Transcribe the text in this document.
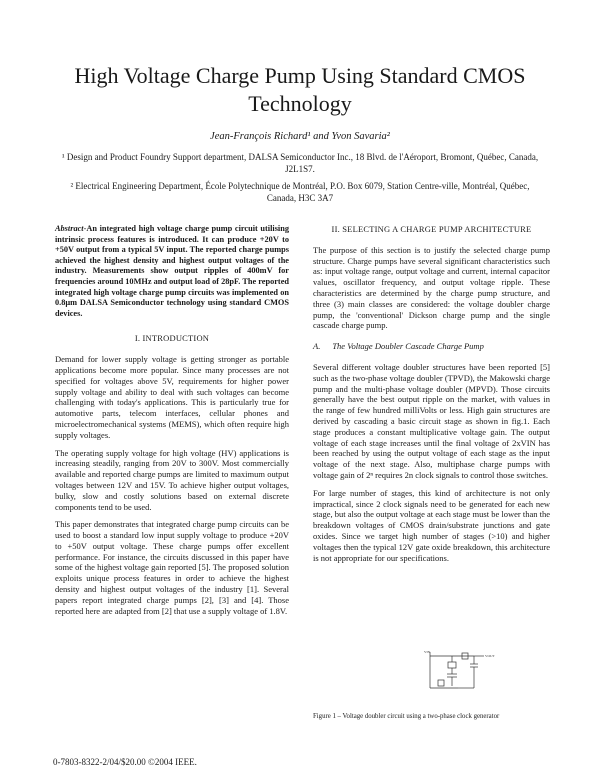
High Voltage Charge Pump Using Standard CMOS Technology
Jean-François Richard¹ and Yvon Savaria²
¹ Design and Product Foundry Support department, DALSA Semiconductor Inc., 18 Blvd. de l'Aéroport, Bromont, Québec, Canada, J2L1S7.
² Electrical Engineering Department, École Polytechnique de Montréal, P.O. Box 6079, Station Centre-ville, Montréal, Québec, Canada, H3C 3A7

Abstract-An integrated high voltage charge pump circuit utilising intrinsic process features is introduced. It can produce +20V to +50V output from a typical 5V input. The reported charge pumps achieved the highest density and highest output voltages of the industry. Measurements show output ripples of 400mV for frequencies around 10MHz and output load of 28pF. The reported integrated high voltage charge pump circuits was implemented on 0.8µm DALSA Semiconductor technology using standard CMOS devices.

I. INTRODUCTION

Demand for lower supply voltage is getting stronger as portable applications become more popular. Since many processes are not specified for voltages above 5V, requirements for higher power supply voltage and ability to deal with such voltages can become challenging with today's applications. This is particularly true for automotive parts, telecom interfaces, cellular phones and microelectromechanical systems (MEMS), which often require high supply voltages.

The operating supply voltage for high voltage (HV) applications is increasing steadily, ranging from 20V to 300V. Most commercially available and reported charge pumps are limited to maximum output voltages between 12V and 15V. To achieve higher output voltages, bulky, slow and costly solutions based on external discrete components tend to be used.

This paper demonstrates that integrated charge pump circuits can be used to boost a standard low input supply voltage to produce +20V to +50V output voltage. These charge pumps offer excellent performance. For instance, the circuits discussed in this paper have some of the highest voltage gain reported [5]. The proposed solution exploits unique process features in order to achieve the highest density and highest output voltages of the industry [1]. Several papers report integrated charge pumps [2], [3] and [4]. Those reported here are adapted from [2] that use a supply voltage of 1.8V.

II. SELECTING A CHARGE PUMP ARCHITECTURE

The purpose of this section is to justify the selected charge pump structure. Charge pumps have several significant characteristics such as: input voltage range, output voltage and current, internal capacitor values, oscillator frequency, and output voltage ripple. These characteristics are determined by the charge pump structure, and three (3) main classes are considered: the voltage doubler charge pump, the 'conventional' Dickson charge pump and the single cascade charge pump.

A. The Voltage Doubler Cascade Charge Pump

Several different voltage doubler structures have been reported [5] such as the two-phase voltage doubler (TPVD), the Makowski charge pump and the multi-phase voltage doubler (MPVD). Those circuits generally have the best output ripple on the market, with values in the range of few hundred milliVolts or less. High gain structures are derived by cascading a basic circuit stage as shown in fig.1. Each stage produces a constant multiplicative voltage gain. The output voltage of each stage increases until the final voltage of 2xVIN has been reached by using the output voltage of each stage as the input voltage of the next stage. Also, multiphase charge pumps with voltage gain of 2ⁿ requires 2n clock signals to control those switches.

For large number of stages, this kind of architecture is not only impractical, since 2 clock signals need to be generated for each new stage, but also the output voltage at each stage must be lower than the breakdown voltages of CMOS drain/substrate junctions and gate oxides. Since we target high number of stages (>10) and higher voltages then the typical 12V gate oxide breakdown, this architecture is not appropriate for our specifications.

VIN
VOUT
Figure 1 – Voltage doubler circuit using a two-phase clock generator
0-7803-8322-2/04/$20.00 ©2004 IEEE.
